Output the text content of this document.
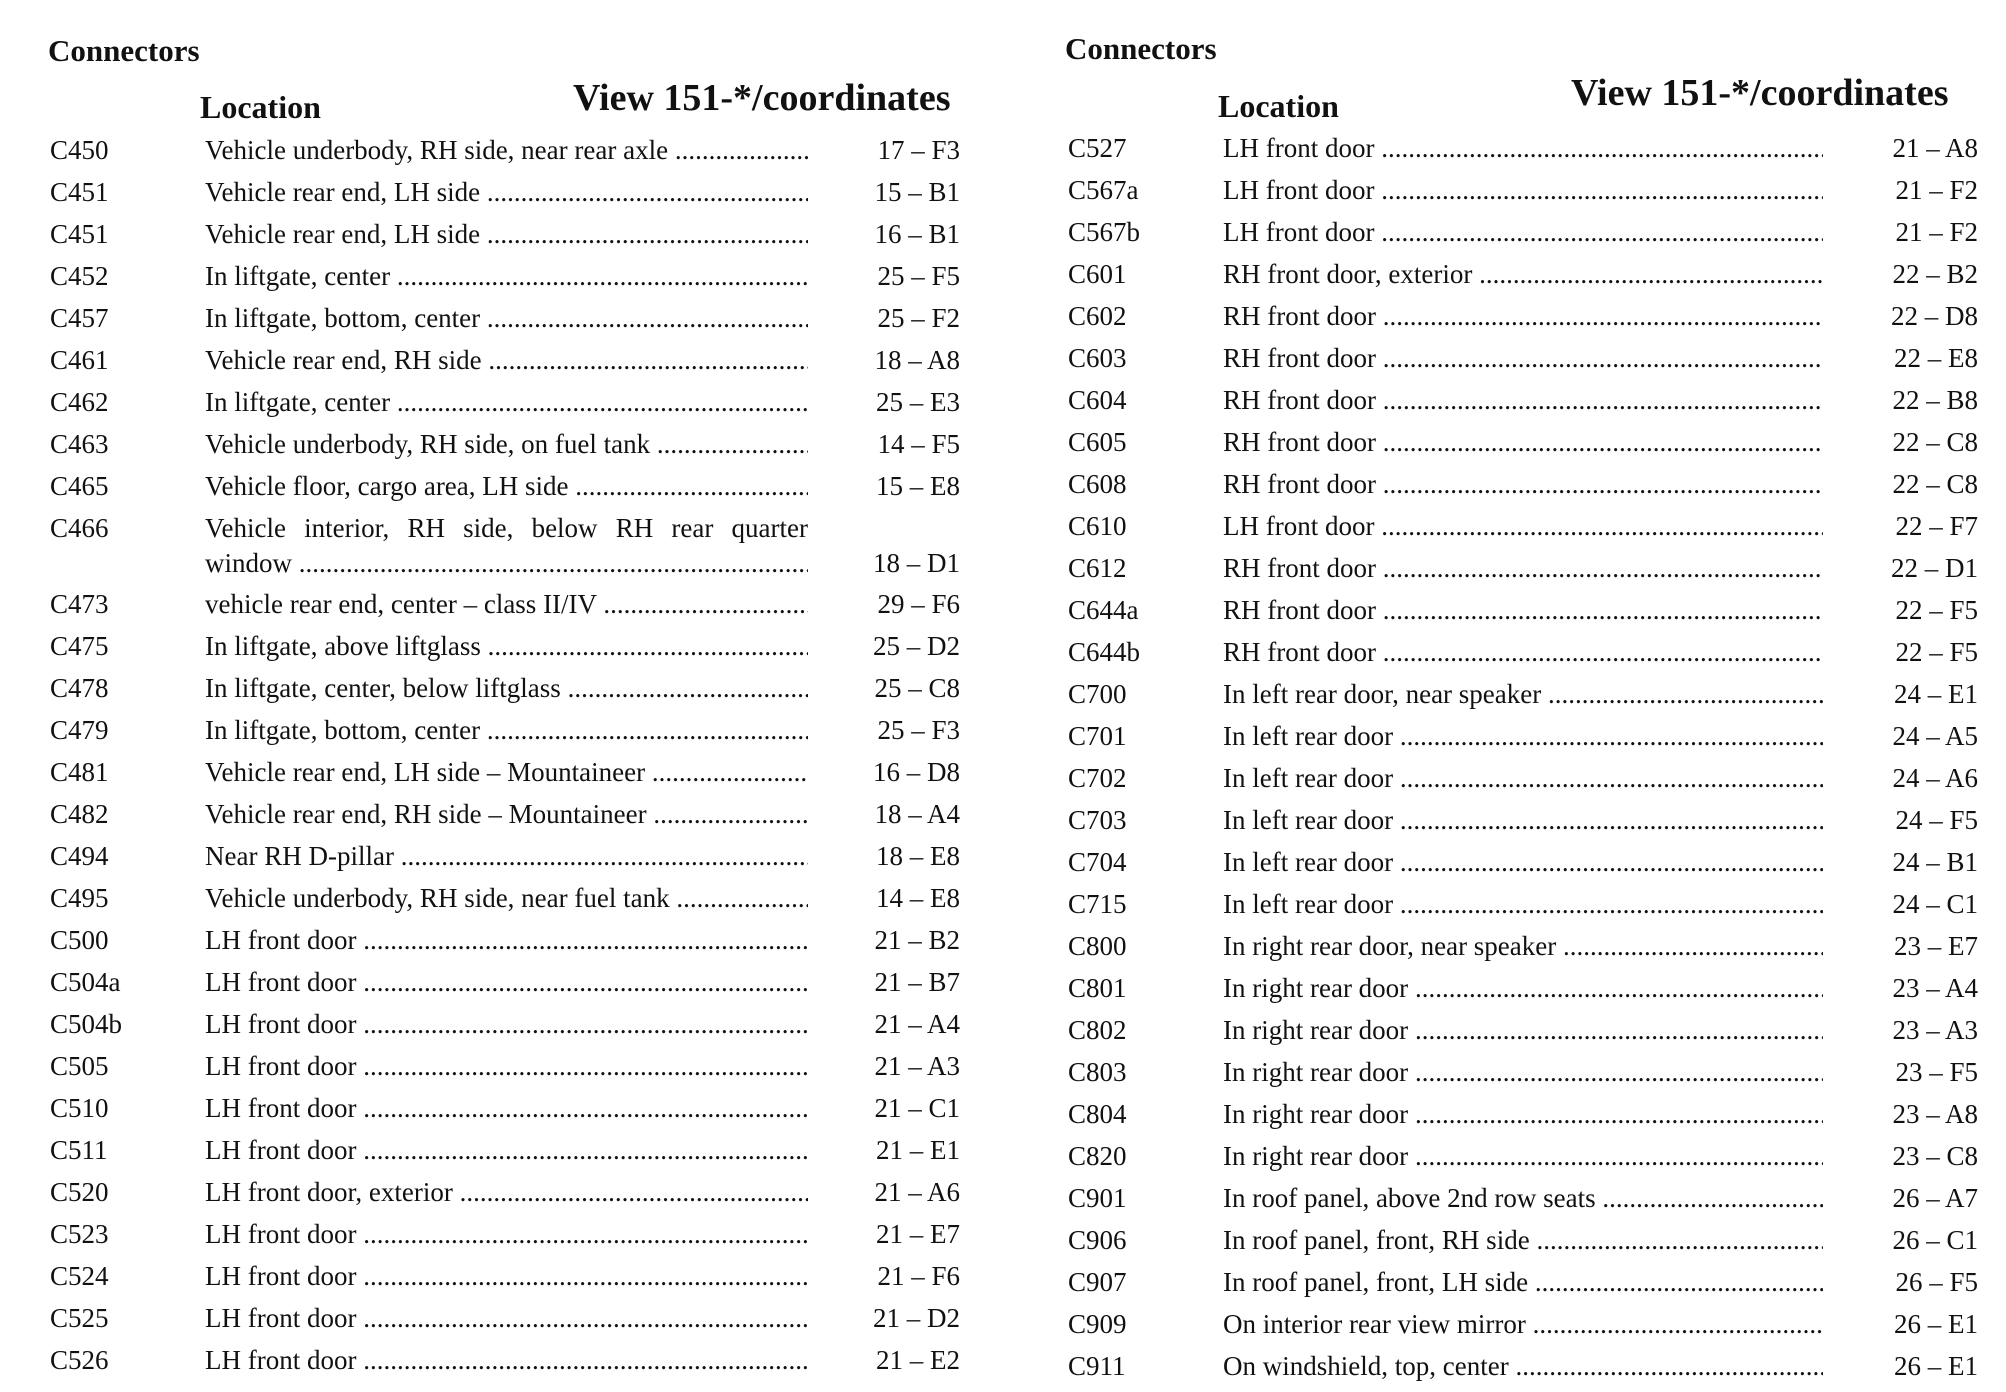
Connectors
Location	View 151-*/coordinates
C450	Vehicle underbody, RH side, near rear axle .....	17 – F3
C451	Vehicle rear end, LH side .....	15 – B1
C451	Vehicle rear end, LH side .....	16 – B1
C452	In liftgate, center .....	25 – F5
C457	In liftgate, bottom, center .....	25 – F2
C461	Vehicle rear end, RH side .....	18 – A8
C462	In liftgate, center .....	25 – E3
C463	Vehicle underbody, RH side, on fuel tank .....	14 – F5
C465	Vehicle floor, cargo area, LH side .....	15 – E8
C466	Vehicle interior, RH side, below RH rear quarter
window .....	18 – D1
C473	vehicle rear end, center – class II/IV .....	29 – F6
C475	In liftgate, above liftglass .....	25 – D2
C478	In liftgate, center, below liftglass .....	25 – C8
C479	In liftgate, bottom, center .....	25 – F3
C481	Vehicle rear end, LH side – Mountaineer .....	16 – D8
C482	Vehicle rear end, RH side – Mountaineer .....	18 – A4
C494	Near RH D-pillar .....	18 – E8
C495	Vehicle underbody, RH side, near fuel tank .....	14 – E8
C500	LH front door .....	21 – B2
C504a	LH front door .....	21 – B7
C504b	LH front door .....	21 – A4
C505	LH front door .....	21 – A3
C510	LH front door .....	21 – C1
C511	LH front door .....	21 – E1
C520	LH front door, exterior .....	21 – A6
C523	LH front door .....	21 – E7
C524	LH front door .....	21 – F6
C525	LH front door .....	21 – D2
C526	LH front door .....	21 – E2
Connectors
Location	View 151-*/coordinates
C527	LH front door .....	21 – A8
C567a	LH front door .....	21 – F2
C567b	LH front door .....	21 – F2
C601	RH front door, exterior .....	22 – B2
C602	RH front door .....	22 – D8
C603	RH front door .....	22 – E8
C604	RH front door .....	22 – B8
C605	RH front door .....	22 – C8
C608	RH front door .....	22 – C8
C610	LH front door .....	22 – F7
C612	RH front door .....	22 – D1
C644a	RH front door .....	22 – F5
C644b	RH front door .....	22 – F5
C700	In left rear door, near speaker .....	24 – E1
C701	In left rear door .....	24 – A5
C702	In left rear door .....	24 – A6
C703	In left rear door .....	24 – F5
C704	In left rear door .....	24 – B1
C715	In left rear door .....	24 – C1
C800	In right rear door, near speaker .....	23 – E7
C801	In right rear door .....	23 – A4
C802	In right rear door .....	23 – A3
C803	In right rear door .....	23 – F5
C804	In right rear door .....	23 – A8
C820	In right rear door .....	23 – C8
C901	In roof panel, above 2nd row seats .....	26 – A7
C906	In roof panel, front, RH side .....	26 – C1
C907	In roof panel, front, LH side .....	26 – F5
C909	On interior rear view mirror .....	26 – E1
C911	On windshield, top, center .....	26 – E1
